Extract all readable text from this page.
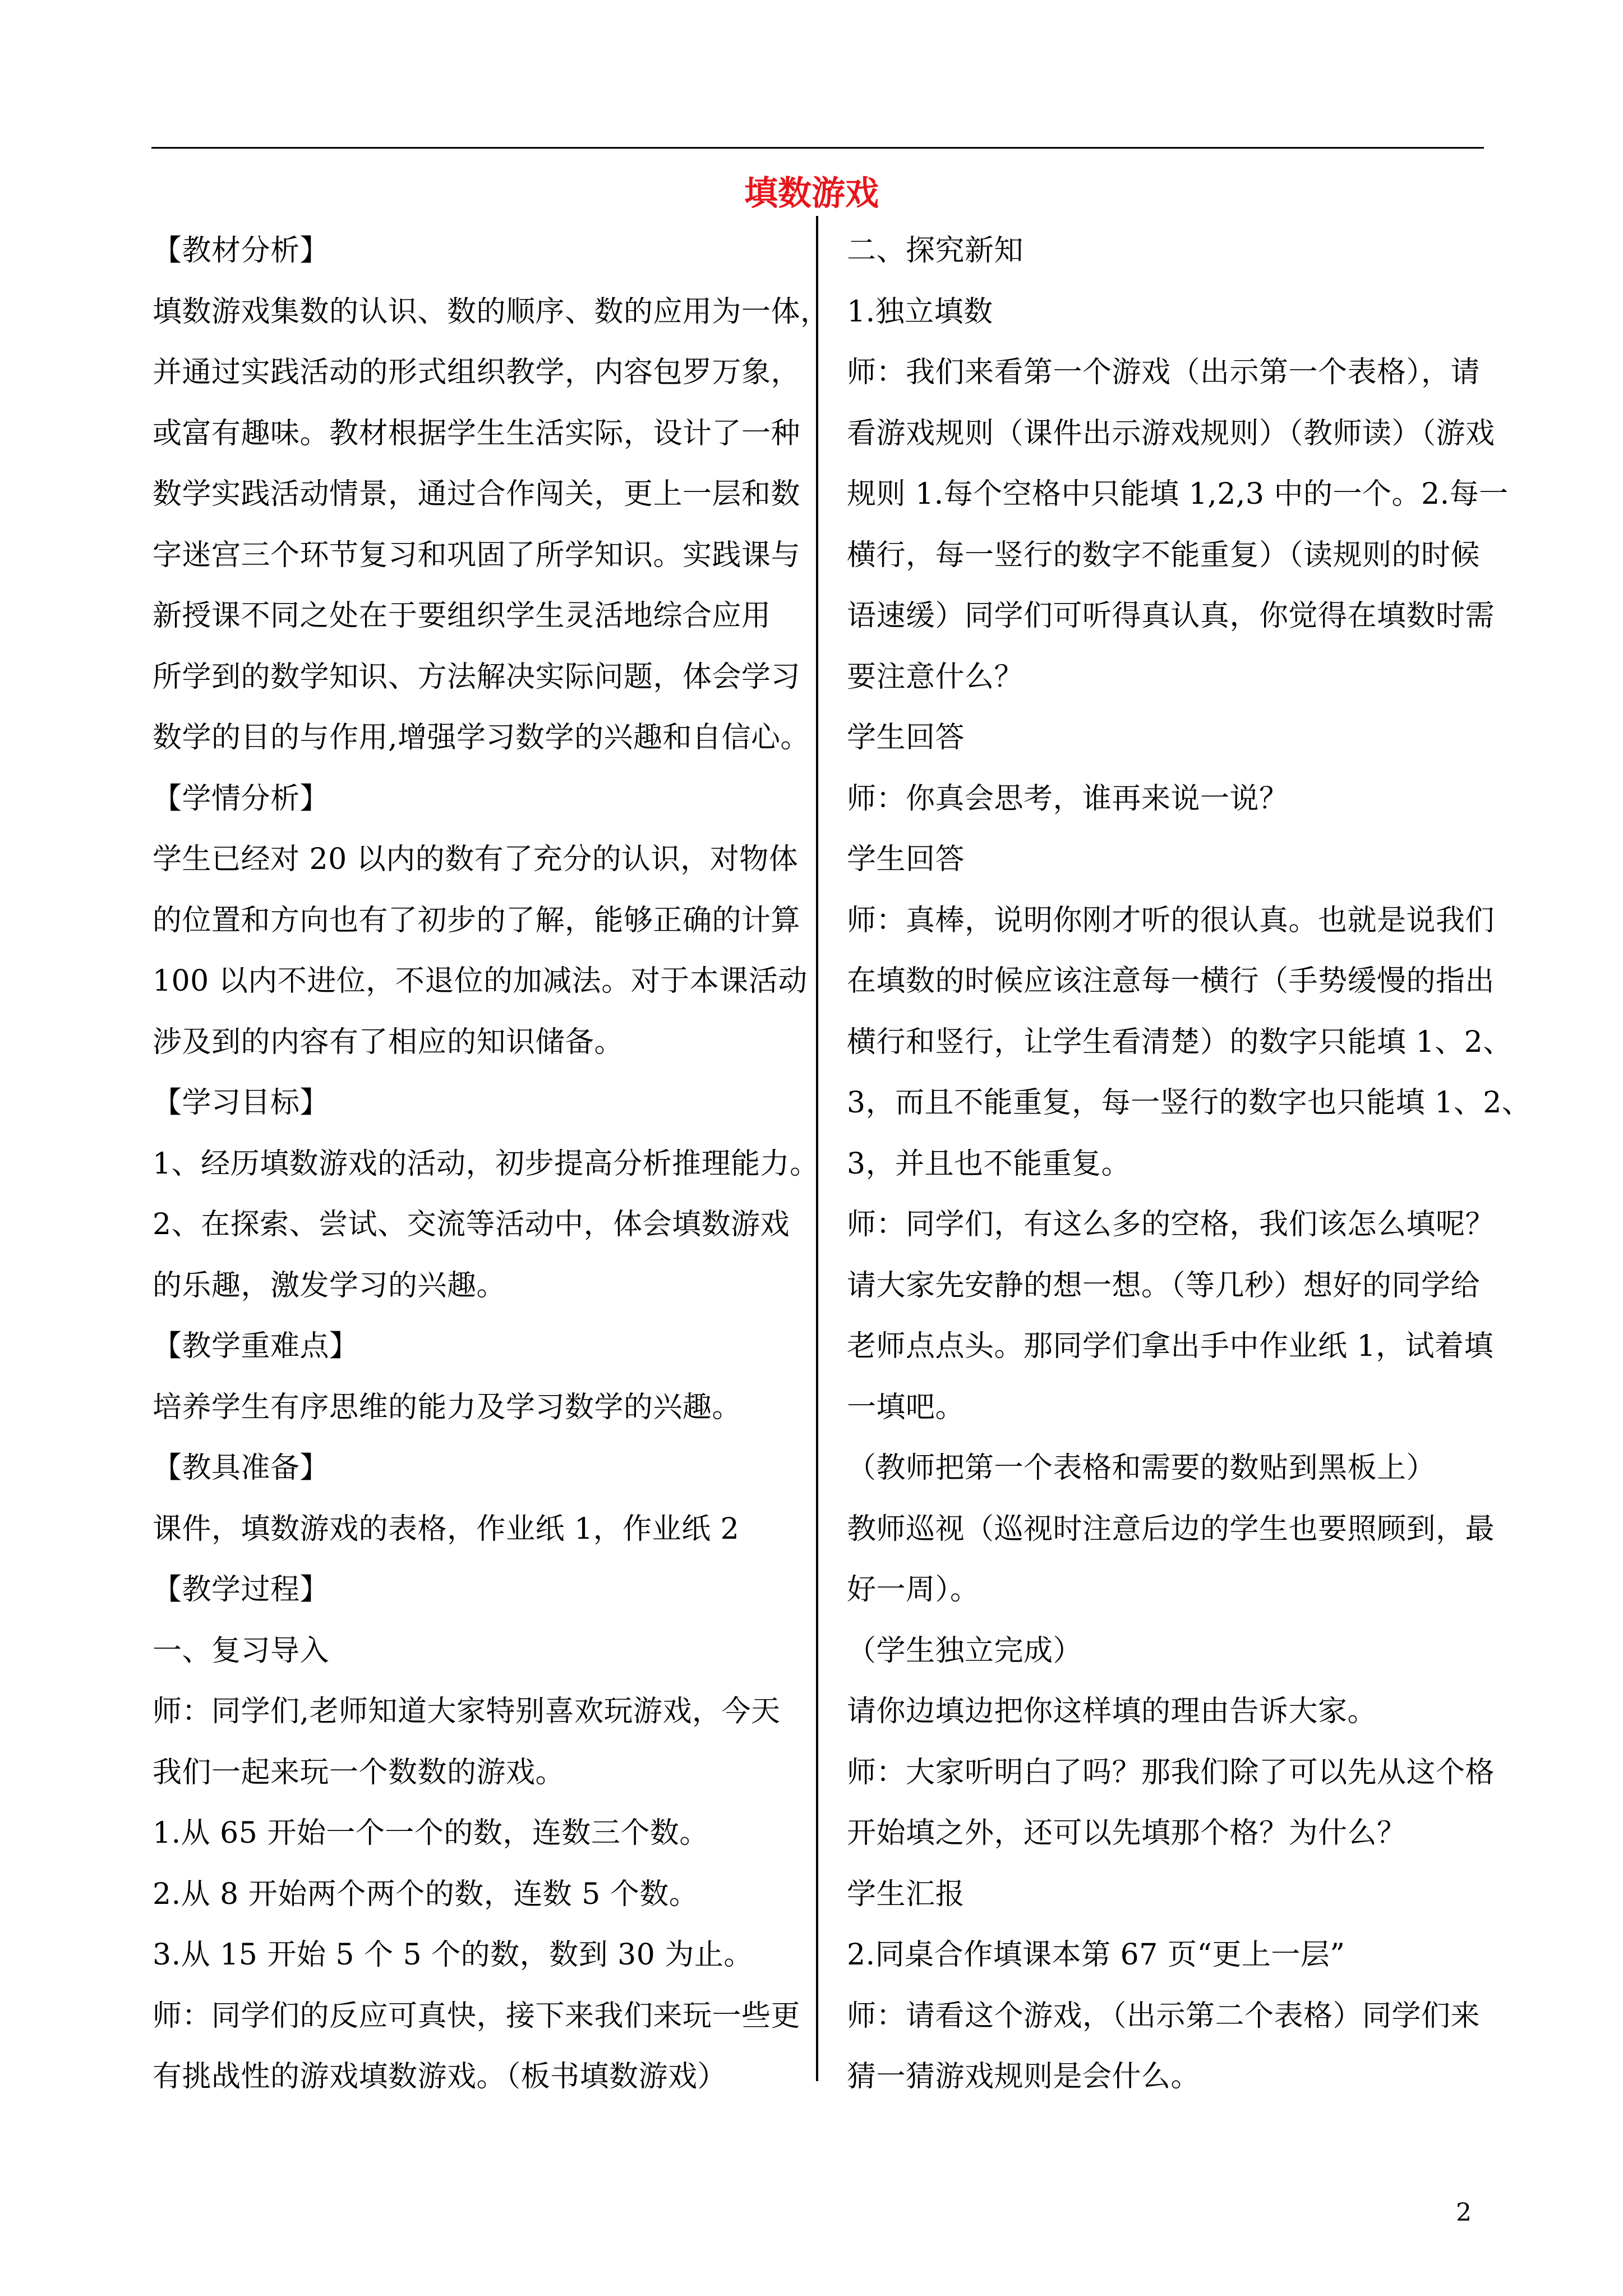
填数游戏
【教材分析】
填数游戏集数的认识、数的顺序、数的应用为一体，
并通过实践活动的形式组织教学，内容包罗万象，
或富有趣味。教材根据学生生活实际，设计了一种
数学实践活动情景，通过合作闯关，更上一层和数
字迷宫三个环节复习和巩固了所学知识。实践课与
新授课不同之处在于要组织学生灵活地综合应用
所学到的数学知识、方法解决实际问题，体会学习
数学的目的与作用,增强学习数学的兴趣和自信心。
【学情分析】
学生已经对 20 以内的数有了充分的认识，对物体
的位置和方向也有了初步的了解，能够正确的计算
100 以内不进位，不退位的加减法。对于本课活动
涉及到的内容有了相应的知识储备。
【学习目标】
1、经历填数游戏的活动，初步提高分析推理能力。
2、在探索、尝试、交流等活动中，体会填数游戏
的乐趣，激发学习的兴趣。
【教学重难点】
培养学生有序思维的能力及学习数学的兴趣。
【教具准备】
课件，填数游戏的表格，作业纸 1，作业纸 2
【教学过程】
一、复习导入
师：同学们,老师知道大家特别喜欢玩游戏，今天
我们一起来玩一个数数的游戏。
1.从 65 开始一个一个的数，连数三个数。
2.从 8 开始两个两个的数，连数 5 个数。
3.从 15 开始 5 个 5 个的数，数到 30 为止。
师：同学们的反应可真快，接下来我们来玩一些更
有挑战性的游戏填数游戏。（板书填数游戏）
二、探究新知
1.独立填数
师：我们来看第一个游戏（出示第一个表格），请
看游戏规则（课件出示游戏规则）（教师读）（游戏
规则 1.每个空格中只能填 1,2,3 中的一个。2.每一
横行，每一竖行的数字不能重复）（读规则的时候
语速缓）同学们可听得真认真，你觉得在填数时需
要注意什么？
学生回答
师：你真会思考，谁再来说一说？
学生回答
师：真棒，说明你刚才听的很认真。也就是说我们
在填数的时候应该注意每一横行（手势缓慢的指出
横行和竖行，让学生看清楚）的数字只能填 1、2、
3，而且不能重复，每一竖行的数字也只能填 1、2、
3，并且也不能重复。
师：同学们，有这么多的空格，我们该怎么填呢？
请大家先安静的想一想。（等几秒）想好的同学给
老师点点头。那同学们拿出手中作业纸 1，试着填
一填吧。
（教师把第一个表格和需要的数贴到黑板上）
教师巡视（巡视时注意后边的学生也要照顾到，最
好一周）。
（学生独立完成）
请你边填边把你这样填的理由告诉大家。
师：大家听明白了吗？那我们除了可以先从这个格
开始填之外，还可以先填那个格？为什么？
学生汇报
2.同桌合作填课本第 67 页“更上一层”
师：请看这个游戏，（出示第二个表格）同学们来
猜一猜游戏规则是会什么。
2
